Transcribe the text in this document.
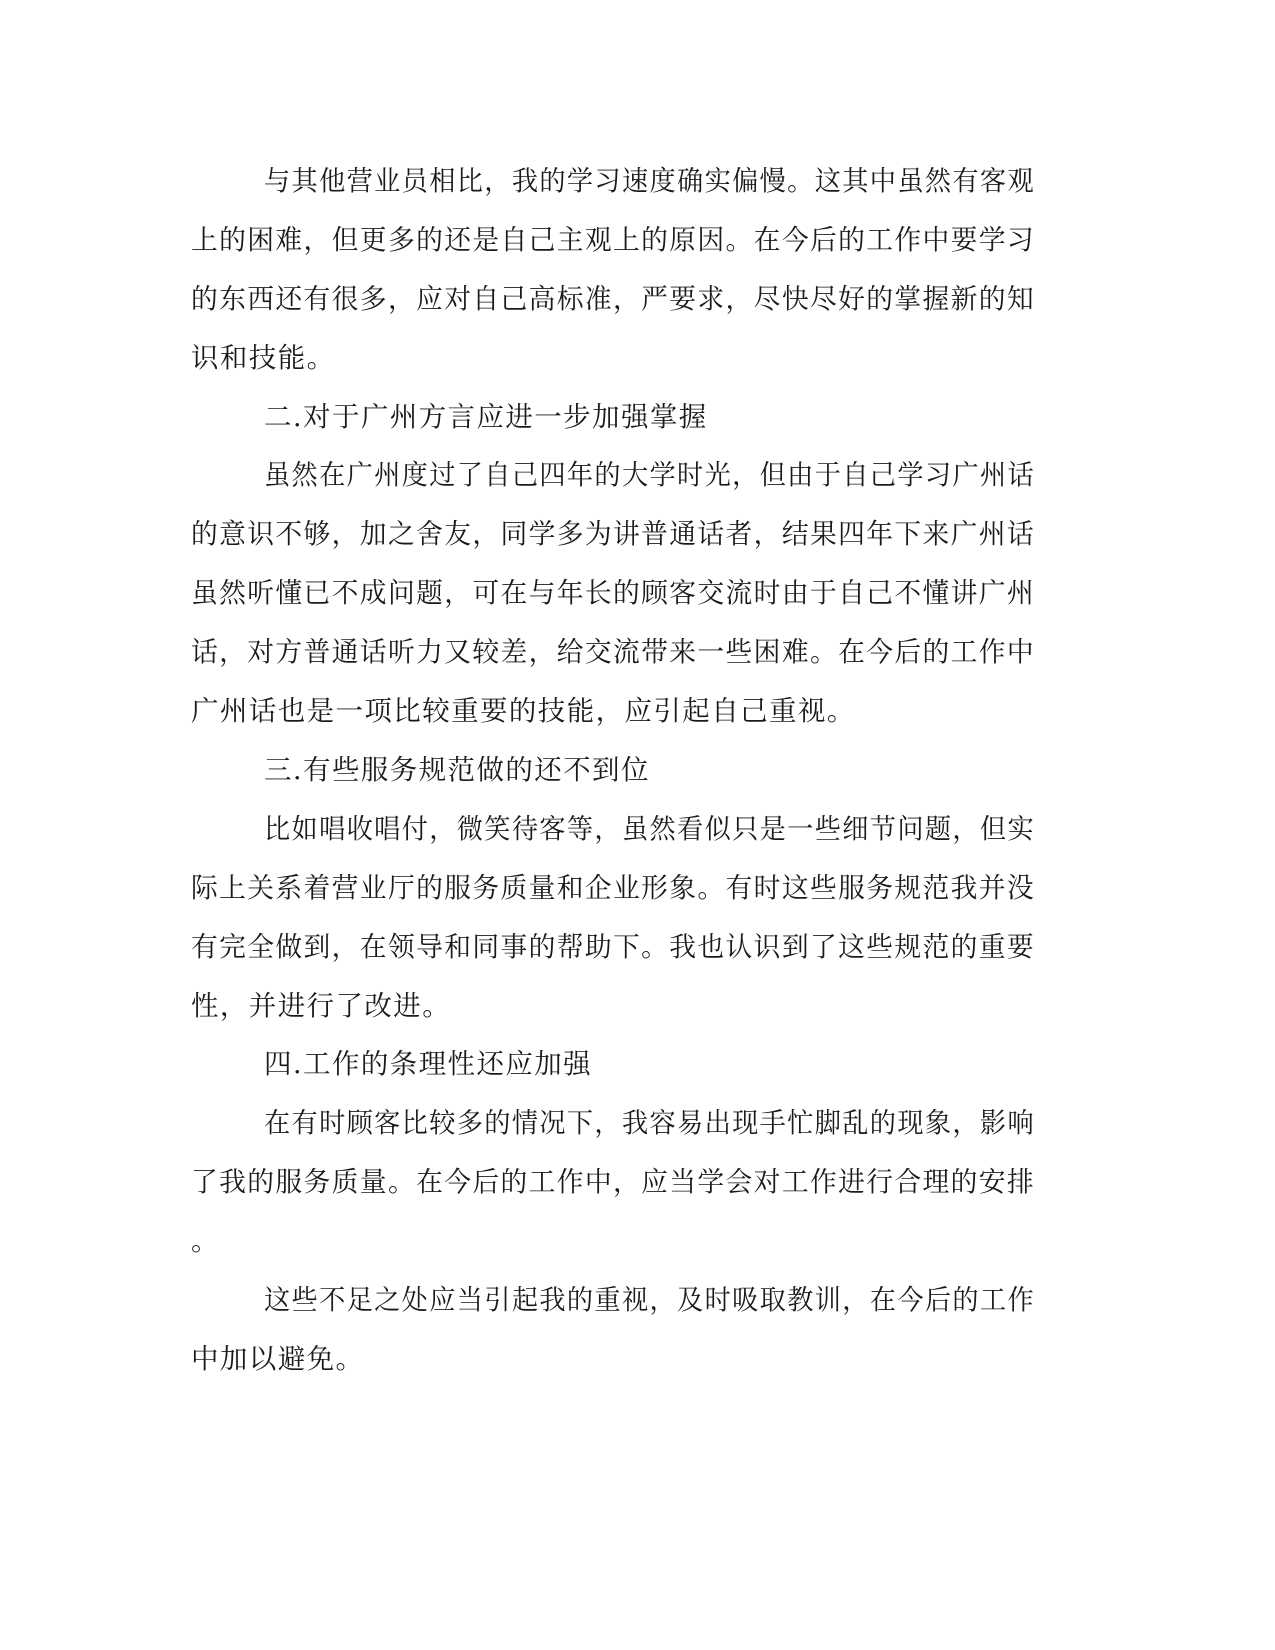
与其他营业员相比，我的学习速度确实偏慢。这其中虽然有客观
上的困难，但更多的还是自己主观上的原因。在今后的工作中要学习
的东西还有很多，应对自己高标准，严要求，尽快尽好的掌握新的知
识和技能。
二.对于广州方言应进一步加强掌握
虽然在广州度过了自己四年的大学时光，但由于自己学习广州话
的意识不够，加之舍友，同学多为讲普通话者，结果四年下来广州话
虽然听懂已不成问题，可在与年长的顾客交流时由于自己不懂讲广州
话，对方普通话听力又较差，给交流带来一些困难。在今后的工作中
广州话也是一项比较重要的技能，应引起自己重视。
三.有些服务规范做的还不到位
比如唱收唱付，微笑待客等，虽然看似只是一些细节问题，但实
际上关系着营业厅的服务质量和企业形象。有时这些服务规范我并没
有完全做到，在领导和同事的帮助下。我也认识到了这些规范的重要
性，并进行了改进。
四.工作的条理性还应加强
在有时顾客比较多的情况下，我容易出现手忙脚乱的现象，影响
了我的服务质量。在今后的工作中，应当学会对工作进行合理的安排
。
这些不足之处应当引起我的重视，及时吸取教训，在今后的工作
中加以避免。
